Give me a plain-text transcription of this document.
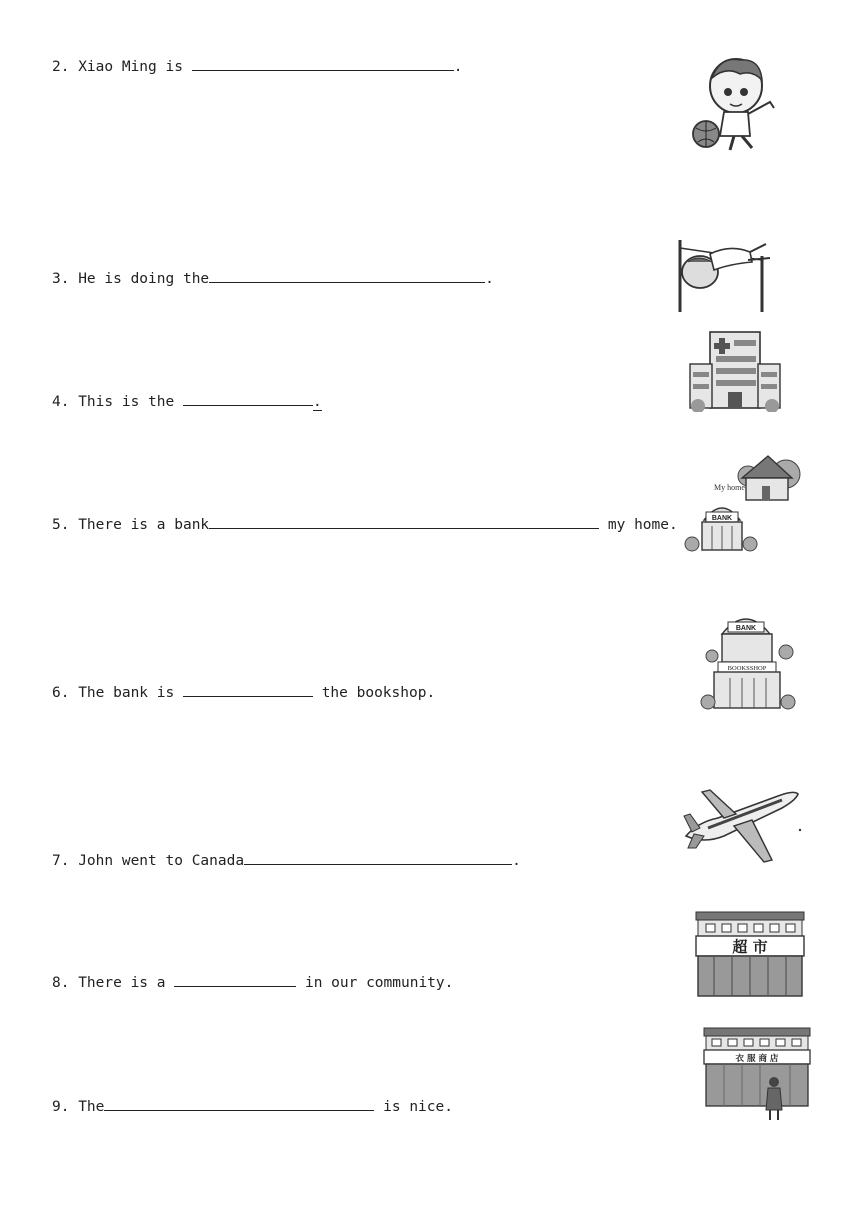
2. Xiao Ming is	.
3. He is doing the	.
4. This is the	.
5. There is a bank	my home.
6. The bank is	the bookshop.
7. John went to Canada	.
8. There is a	in our community.
9. The	is nice.
My home
BANK
BANK
BOOKSSHOP
超 市
衣 服 商 店
